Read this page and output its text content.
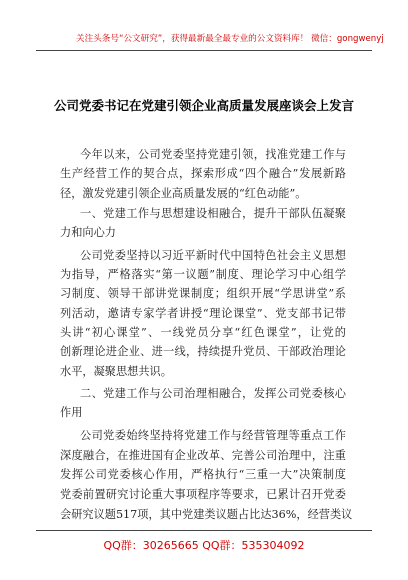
关注头条号“公文研究”，获得最新最全最专业的公文资料库！ 微信：gongwenyj
公司党委书记在党建引领企业高质量发展座谈会上发言
今年以来，公司党委坚持党建引领，找准党建工作与
生产经营工作的契合点，探索形成“四个融合”发展新路
径，激发党建引领企业高质量发展的“红色动能”。
一、党建工作与思想建设相融合，提升干部队伍凝聚
力和向心力
公司党委坚持以习近平新时代中国特色社会主义思想
为指导，严格落实“第一议题”制度、理论学习中心组学
习制度、领导干部讲党课制度；组织开展“学思讲堂”系
列活动，邀请专家学者讲授“理论课堂”、党支部书记带
头讲“初心课堂”、一线党员分享“红色课堂”，让党的
创新理论进企业、进一线，持续提升党员、干部政治理论
水平，凝聚思想共识。
二、党建工作与公司治理相融合，发挥公司党委核心
作用
公司党委始终坚持将党建工作与经营管理等重点工作
深度融合，在推进国有企业改革、完善公司治理中，注重
发挥公司党委核心作用，严格执行“三重一大”决策制度
党委前置研究讨论重大事项程序等要求，已累计召开党委
会研究议题517项，其中党建类议题占比达36%，经营类议
QQ群：30265665 QQ群：535304092
